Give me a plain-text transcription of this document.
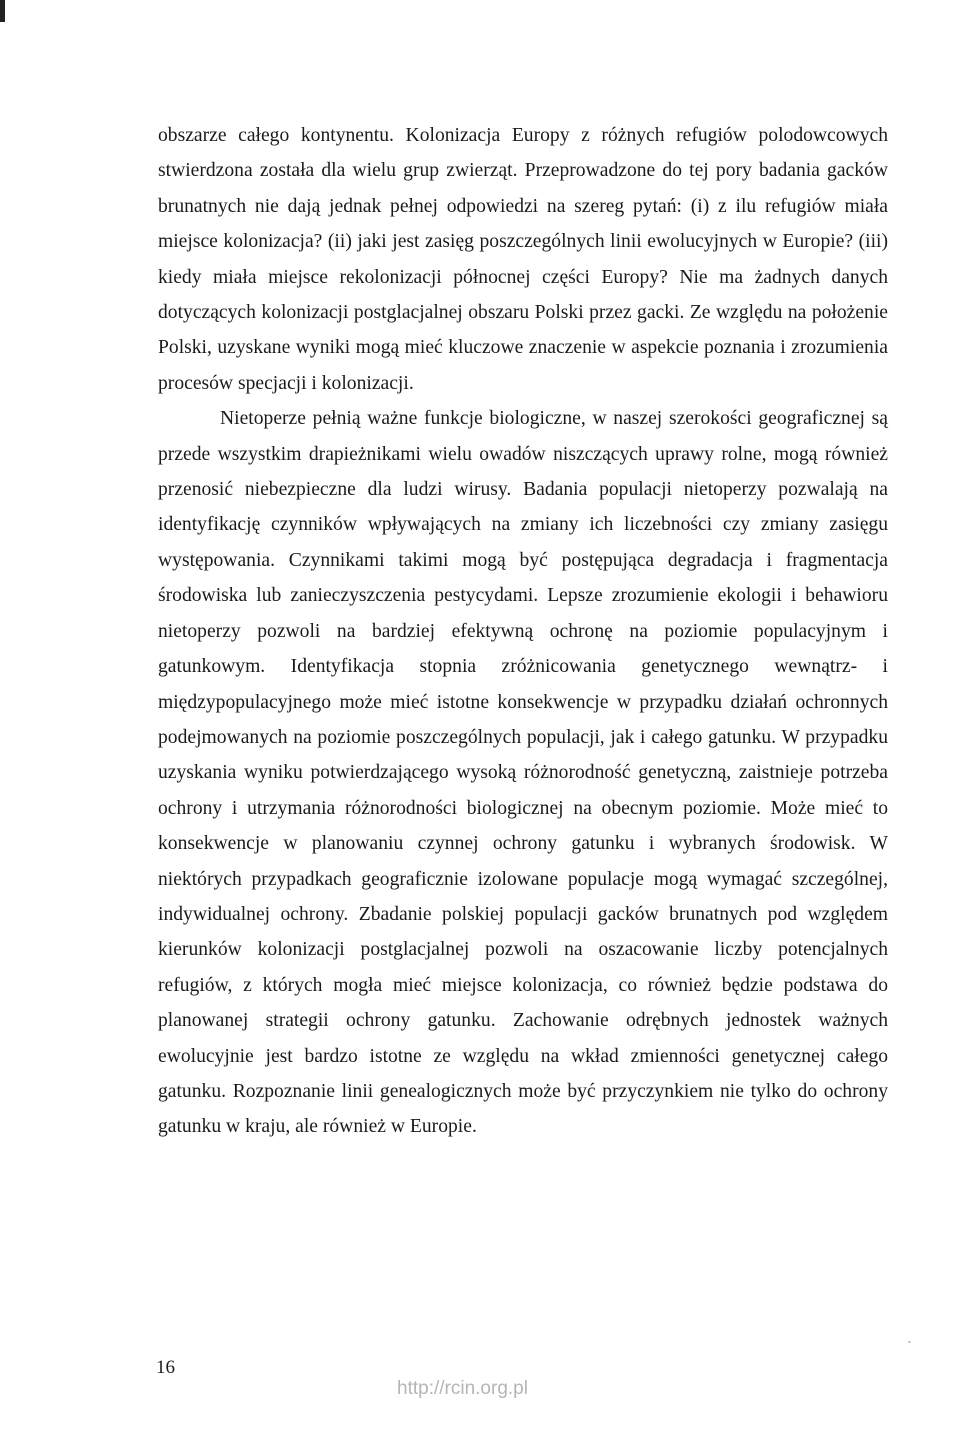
obszarze całego kontynentu. Kolonizacja Europy z różnych refugiów polodowcowych stwierdzona została dla wielu grup zwierząt. Przeprowadzone do tej pory badania gacków brunatnych nie dają jednak pełnej odpowiedzi na szereg pytań: (i) z ilu refugiów miała miejsce kolonizacja? (ii) jaki jest zasięg poszczególnych linii ewolucyjnych w Europie? (iii) kiedy miała miejsce rekolonizacji północnej części Europy? Nie ma żadnych danych dotyczących kolonizacji postglacjalnej obszaru Polski przez gacki. Ze względu na położenie Polski, uzyskane wyniki mogą mieć kluczowe znaczenie w aspekcie poznania i zrozumienia procesów specjacji i kolonizacji.

Nietoperze pełnią ważne funkcje biologiczne, w naszej szerokości geograficznej są przede wszystkim drapieżnikami wielu owadów niszczących uprawy rolne, mogą również przenosić niebezpieczne dla ludzi wirusy. Badania populacji nietoperzy pozwalają na identyfikację czynników wpływających na zmiany ich liczebności czy zmiany zasięgu występowania. Czynnikami takimi mogą być postępująca degradacja i fragmentacja środowiska lub zanieczyszczenia pestycydami. Lepsze zrozumienie ekologii i behawioru nietoperzy pozwoli na bardziej efektywną ochronę na poziomie populacyjnym i gatunkowym. Identyfikacja stopnia zróżnicowania genetycznego wewnątrz- i międzypopulacyjnego może mieć istotne konsekwencje w przypadku działań ochronnych podejmowanych na poziomie poszczególnych populacji, jak i całego gatunku. W przypadku uzyskania wyniku potwierdzającego wysoką różnorodność genetyczną, zaistnieje potrzeba ochrony i utrzymania różnorodności biologicznej na obecnym poziomie. Może mieć to konsekwencje w planowaniu czynnej ochrony gatunku i wybranych środowisk. W niektórych przypadkach geograficznie izolowane populacje mogą wymagać szczególnej, indywidualnej ochrony. Zbadanie polskiej populacji gacków brunatnych pod względem kierunków kolonizacji postglacjalnej pozwoli na oszacowanie liczby potencjalnych refugiów, z których mogła mieć miejsce kolonizacja, co również będzie podstawa do planowanej strategii ochrony gatunku. Zachowanie odrębnych jednostek ważnych ewolucyjnie jest bardzo istotne ze względu na wkład zmienności genetycznej całego gatunku. Rozpoznanie linii genealogicznych może być przyczynkiem nie tylko do ochrony gatunku w kraju, ale również w Europie.

16
http://rcin.org.pl
•
